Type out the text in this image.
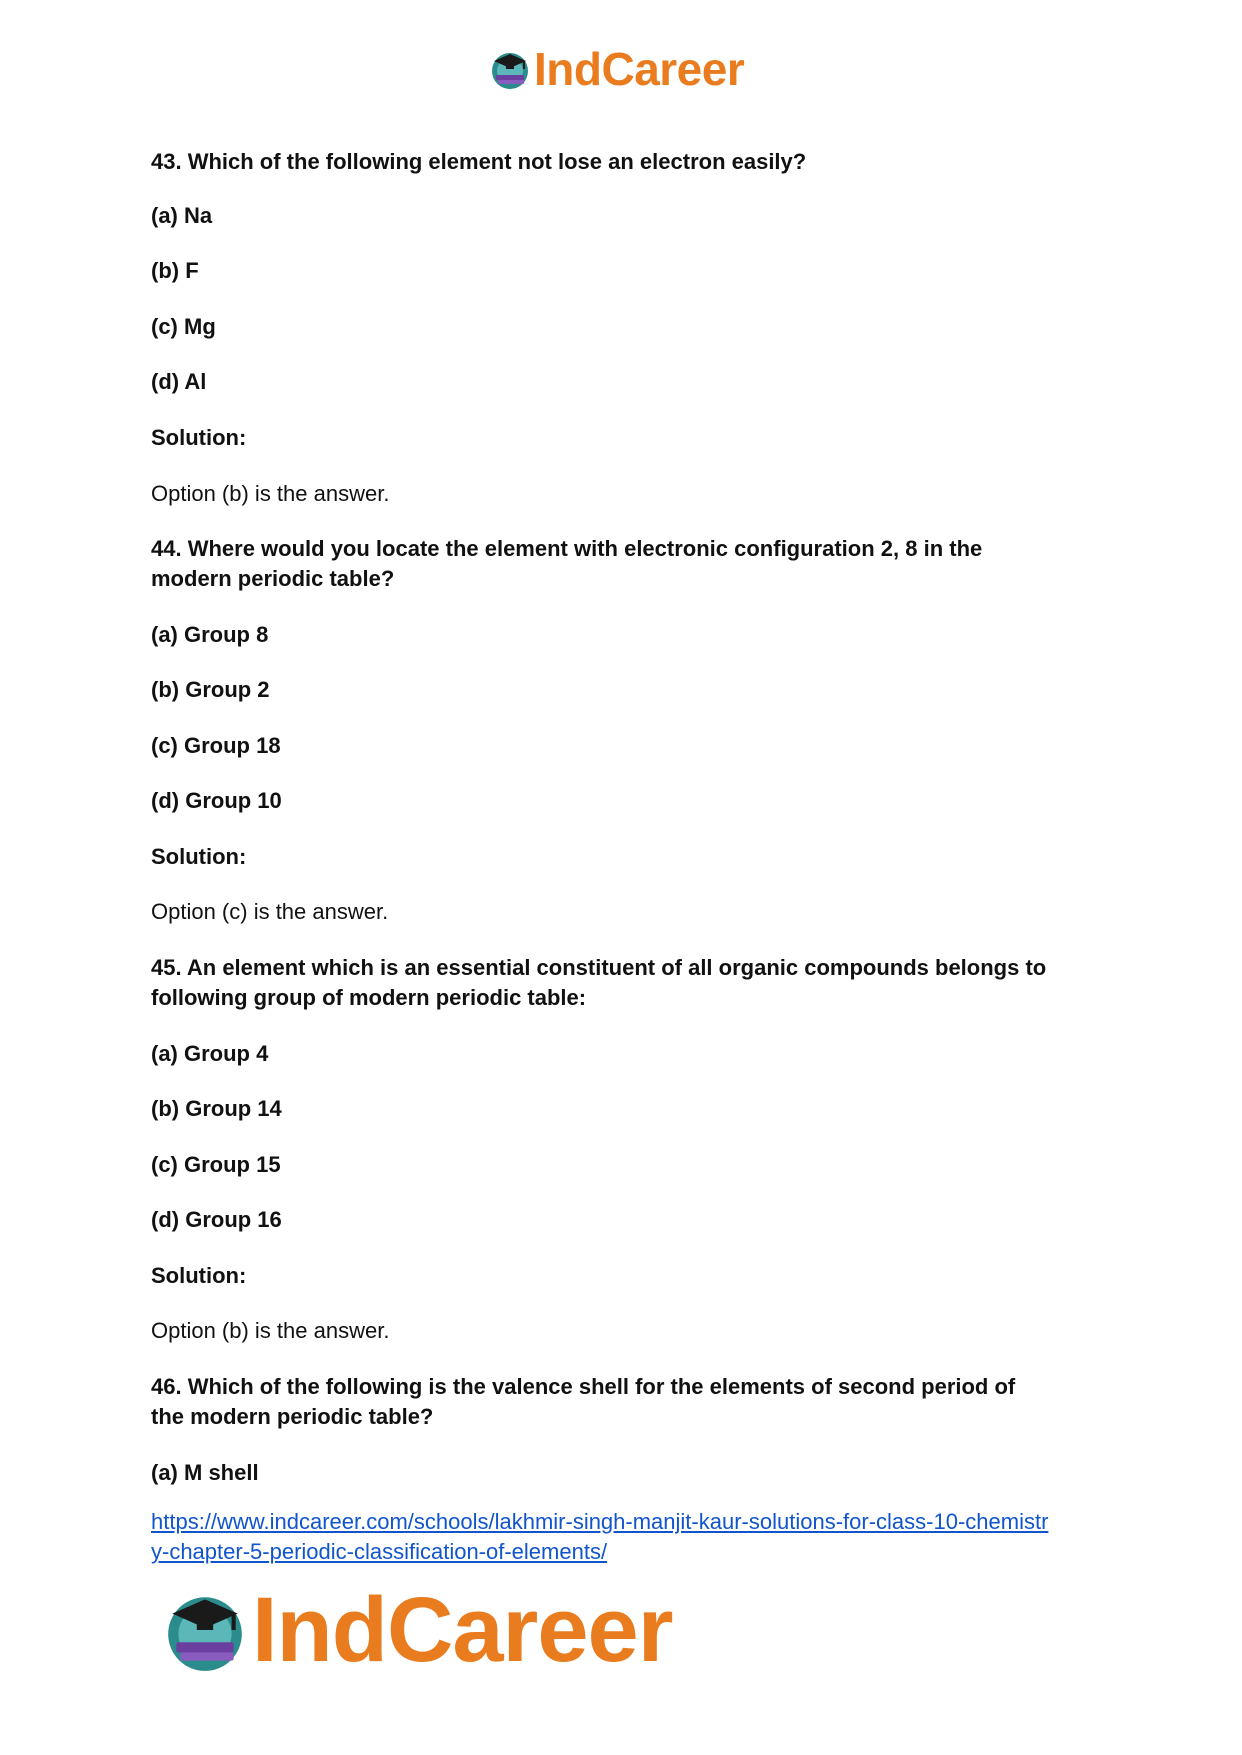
IndCareer
43. Which of the following element not lose an electron easily?
(a) Na
(b) F
(c) Mg
(d) Al
Solution:
Option (b) is the answer.
44. Where would you locate the element with electronic configuration 2, 8 in the
modern periodic table?
(a) Group 8
(b) Group 2
(c) Group 18
(d) Group 10
Solution:
Option (c) is the answer.
45. An element which is an essential constituent of all organic compounds belongs to
following group of modern periodic table:
(a) Group 4
(b) Group 14
(c) Group 15
(d) Group 16
Solution:
Option (b) is the answer.
46. Which of the following is the valence shell for the elements of second period of
the modern periodic table?
(a) M shell
https://www.indcareer.com/schools/lakhmir-singh-manjit-kaur-solutions-for-class-10-chemistr
y-chapter-5-periodic-classification-of-elements/
IndCareer
